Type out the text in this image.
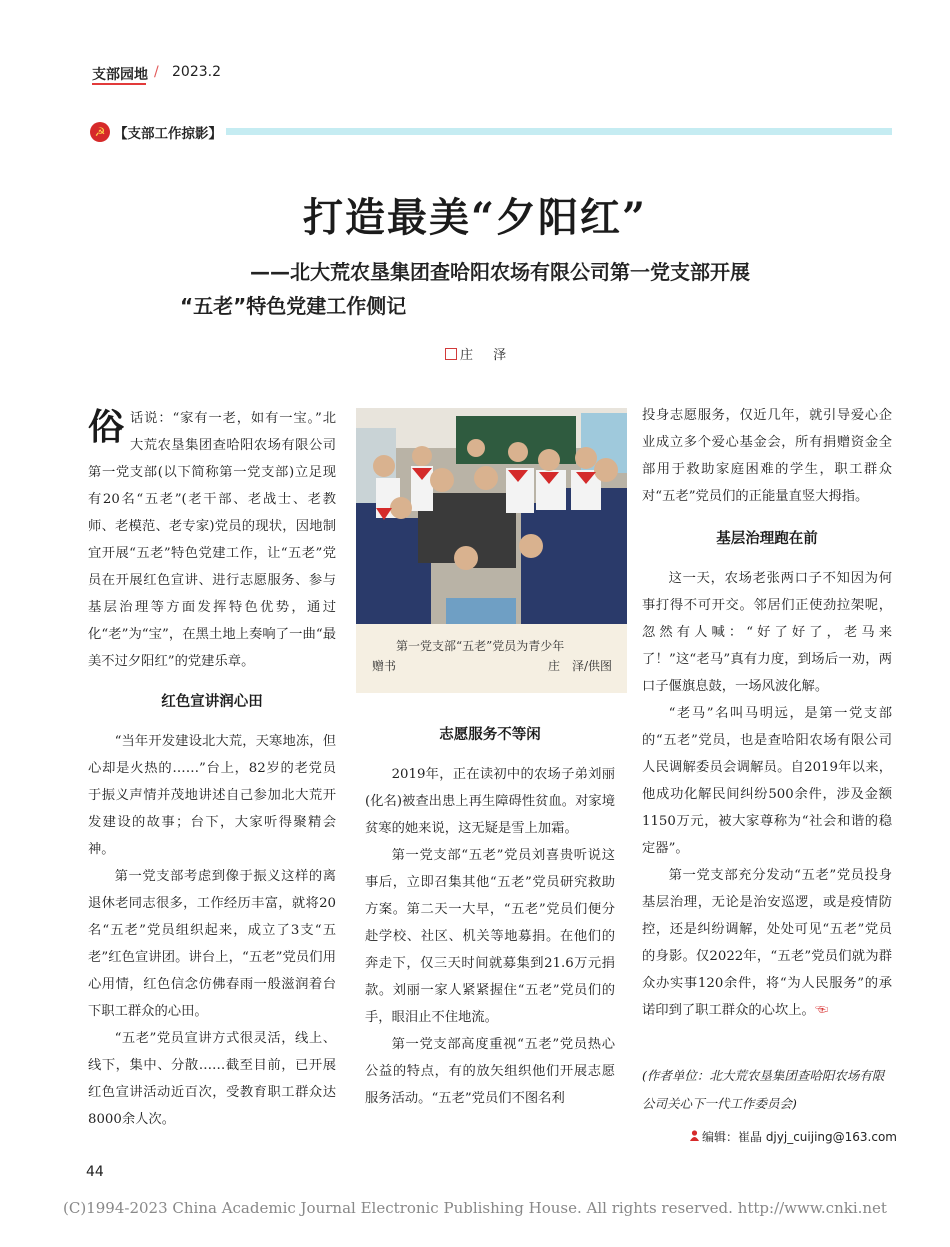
支部园地 / 2023.2
☭ 【支部工作掠影】
打造最美“夕阳红”
——北大荒农垦集团查哈阳农场有限公司第一党支部开展
“五老”特色党建工作侧记
庄 泽

俗话说：“家有一老，如有一宝。”北大荒农垦集团查哈阳农场有限公司第一党支部(以下简称第一党支部)立足现有20名“五老”(老干部、老战士、老教师、老模范、老专家)党员的现状，因地制宜开展“五老”特色党建工作，让“五老”党员在开展红色宣讲、进行志愿服务、参与基层治理等方面发挥特色优势，通过化“老”为“宝”，在黑土地上奏响了一曲“最美不过夕阳红”的党建乐章。

红色宣讲润心田

“当年开发建设北大荒，天寒地冻，但心却是火热的……”台上，82岁的老党员于振义声情并茂地讲述自己参加北大荒开发建设的故事；台下，大家听得聚精会神。

第一党支部考虑到像于振义这样的离退休老同志很多，工作经历丰富，就将20名“五老”党员组织起来，成立了3支“五老”红色宣讲团。讲台上，“五老”党员们用心用情，红色信念仿佛春雨一般滋润着台下职工群众的心田。

“五老”党员宣讲方式很灵活，线上、线下，集中、分散……截至目前，已开展红色宣讲活动近百次，受教育职工群众达8000余人次。

第一党支部“五老”党员为青少年
赠书	庄　泽/供图
志愿服务不等闲

2019年，正在读初中的农场子弟刘丽(化名)被查出患上再生障碍性贫血。对家境贫寒的她来说，这无疑是雪上加霜。

第一党支部“五老”党员刘喜贵听说这事后，立即召集其他“五老”党员研究救助方案。第二天一大早，“五老”党员们便分赴学校、社区、机关等地募捐。在他们的奔走下，仅三天时间就募集到21.6万元捐款。刘丽一家人紧紧握住“五老”党员们的手，眼泪止不住地流。

第一党支部高度重视“五老”党员热心公益的特点，有的放矢组织他们开展志愿服务活动。“五老”党员们不图名利

投身志愿服务，仅近几年，就引导爱心企业成立多个爱心基金会，所有捐赠资金全部用于救助家庭困难的学生，职工群众对“五老”党员们的正能量直竖大拇指。

基层治理跑在前

这一天，农场老张两口子不知因为何事打得不可开交。邻居们正使劲拉架呢，忽然有人喊：“好了好了，老马来了！”这“老马”真有力度，到场后一劝，两口子偃旗息鼓，一场风波化解。

“老马”名叫马明远，是第一党支部的“五老”党员，也是查哈阳农场有限公司人民调解委员会调解员。自2019年以来，他成功化解民间纠纷500余件，涉及金额1150万元，被大家尊称为“社会和谐的稳定器”。

第一党支部充分发动“五老”党员投身基层治理，无论是治安巡逻，或是疫情防控，还是纠纷调解，处处可见“五老”党员的身影。仅2022年，“五老”党员们就为群众办实事120余件，将“为人民服务”的承诺印到了职工群众的心坎上。☜

(作者单位：北大荒农垦集团查哈阳农场有限公司关心下一代工作委员会)
编辑：崔晶 djyj_cuijing@163.com
44
(C)1994-2023 China Academic Journal Electronic Publishing House. All rights reserved. http://www.cnki.net
